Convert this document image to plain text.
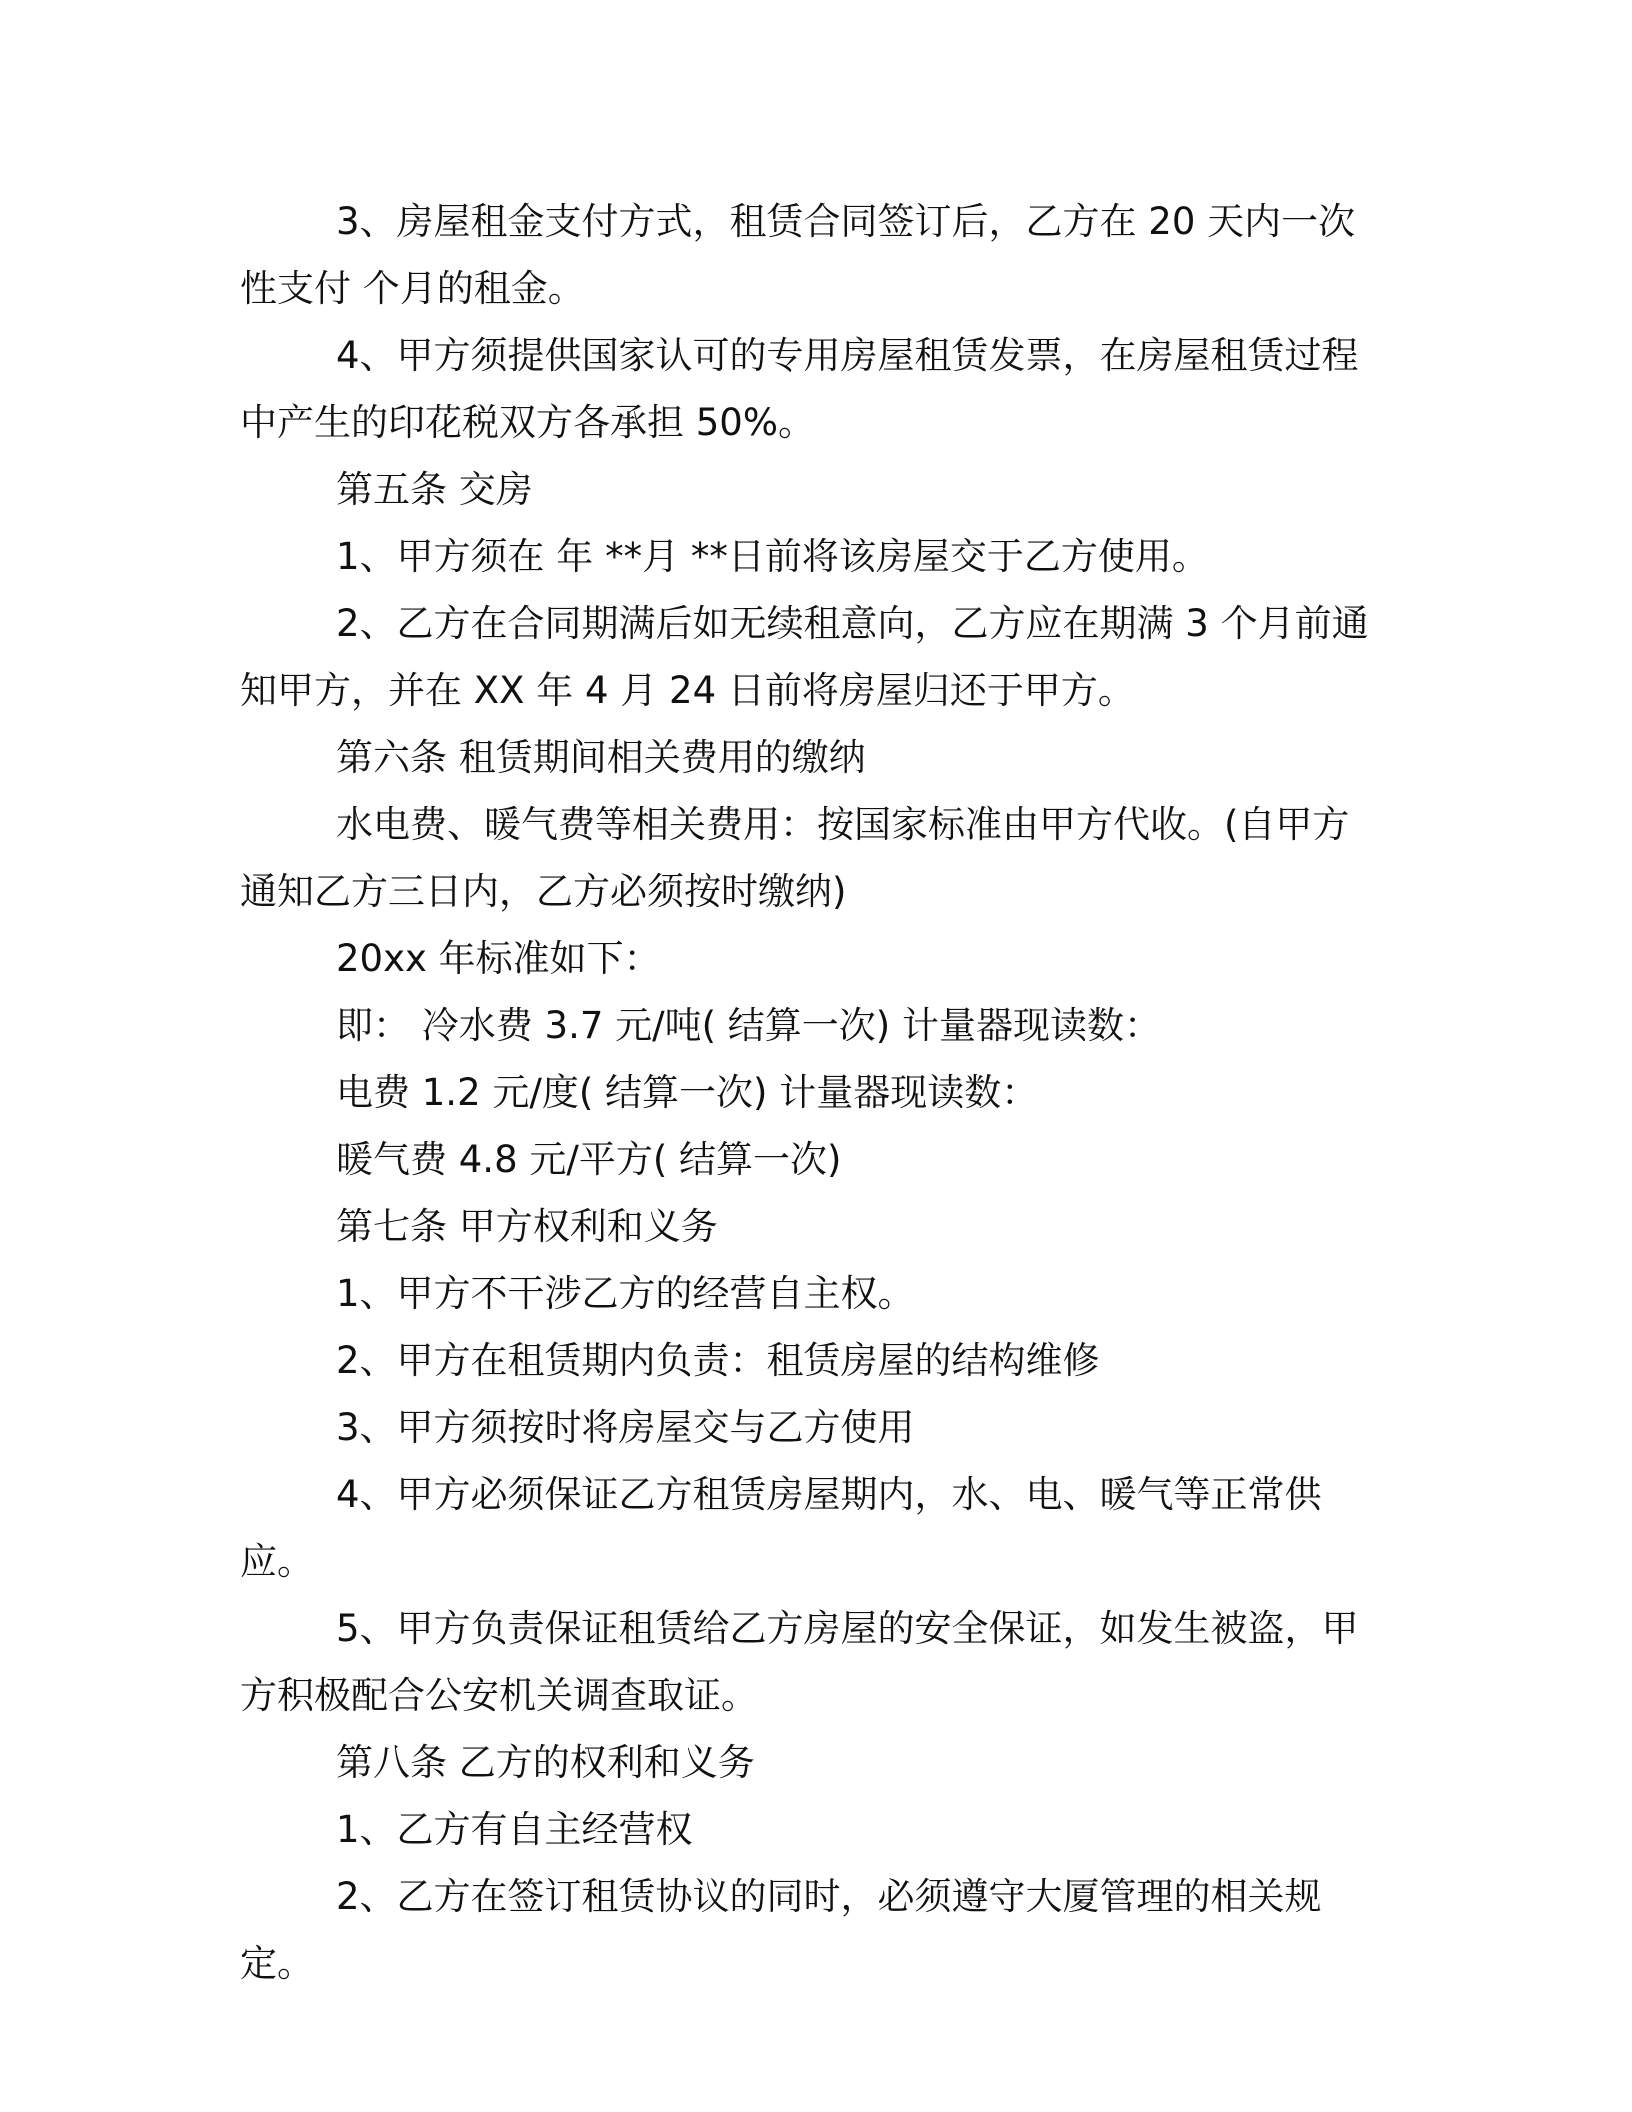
3、房屋租金支付方式，租赁合同签订后，乙方在 20 天内一次性支付 个月的租金。

4、甲方须提供国家认可的专用房屋租赁发票，在房屋租赁过程中产生的印花税双方各承担 50%。

第五条 交房

1、甲方须在 年 **月 **日前将该房屋交于乙方使用。

2、乙方在合同期满后如无续租意向，乙方应在期满 3 个月前通知甲方，并在 XX 年 4 月 24 日前将房屋归还于甲方。

第六条 租赁期间相关费用的缴纳

水电费、暖气费等相关费用：按国家标准由甲方代收。(自甲方通知乙方三日内，乙方必须按时缴纳)

20xx 年标准如下：

即： 冷水费 3.7 元/吨( 结算一次) 计量器现读数：

电费 1.2 元/度( 结算一次) 计量器现读数：

暖气费 4.8 元/平方( 结算一次)

第七条 甲方权利和义务

1、甲方不干涉乙方的经营自主权。

2、甲方在租赁期内负责：租赁房屋的结构维修

3、甲方须按时将房屋交与乙方使用

4、甲方必须保证乙方租赁房屋期内，水、电、暖气等正常供应。

5、甲方负责保证租赁给乙方房屋的安全保证，如发生被盗，甲方积极配合公安机关调查取证。

第八条 乙方的权利和义务

1、乙方有自主经营权

2、乙方在签订租赁协议的同时，必须遵守大厦管理的相关规定。
